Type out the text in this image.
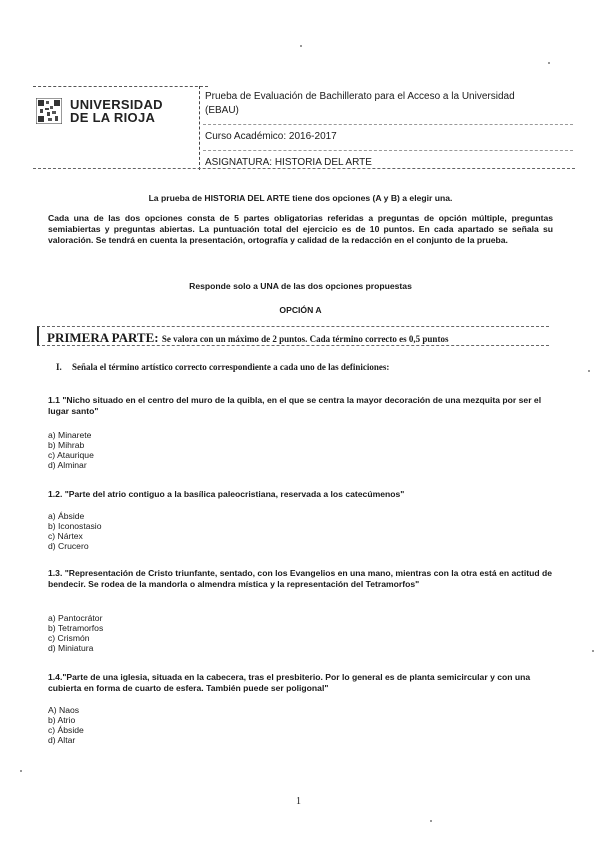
UNIVERSIDAD
DE LA RIOJA
Prueba de Evaluación de Bachillerato para el Acceso a la Universidad
(EBAU)
Curso Académico: 2016-2017
ASIGNATURA: HISTORIA DEL ARTE
La prueba de HISTORIA DEL ARTE tiene dos opciones (A y B) a elegir una.
Cada una de las dos opciones consta de 5 partes obligatorias referidas a preguntas de opción múltiple, preguntas semiabiertas y preguntas abiertas. La puntuación total del ejercicio es de 10 puntos. En cada apartado se señala su valoración. Se tendrá en cuenta la presentación, ortografía y calidad de la redacción en el conjunto de la prueba.
Responde solo a UNA de las dos opciones propuestas
OPCIÓN A
PRIMERA PARTE: Se valora con un máximo de 2 puntos. Cada término correcto es 0,5 puntos
I. Señala el término artístico correcto correspondiente a cada uno de las definiciones:
1.1 "Nicho situado en el centro del muro de la quibla, en el que se centra la mayor decoración de una mezquita por ser el lugar santo"
a) Minarete
b) Mihrab
c) Ataurique
d) Alminar
1.2. "Parte del atrio contiguo a la basílica paleocristiana, reservada a los catecúmenos"
a) Ábside
b) Iconostasio
c) Nártex
d) Crucero
1.3. "Representación de Cristo triunfante, sentado, con los Evangelios en una mano, mientras con la otra está en actitud de bendecir. Se rodea de la mandorla o almendra mística y la representación del Tetramorfos"
a) Pantocrátor
b) Tetramorfos
c) Crismón
d) Miniatura
1.4."Parte de una iglesia, situada en la cabecera, tras el presbiterio. Por lo general es de planta semicircular y con una cubierta en forma de cuarto de esfera. También puede ser poligonal"
A) Naos
b) Atrio
c) Ábside
d) Altar
1
